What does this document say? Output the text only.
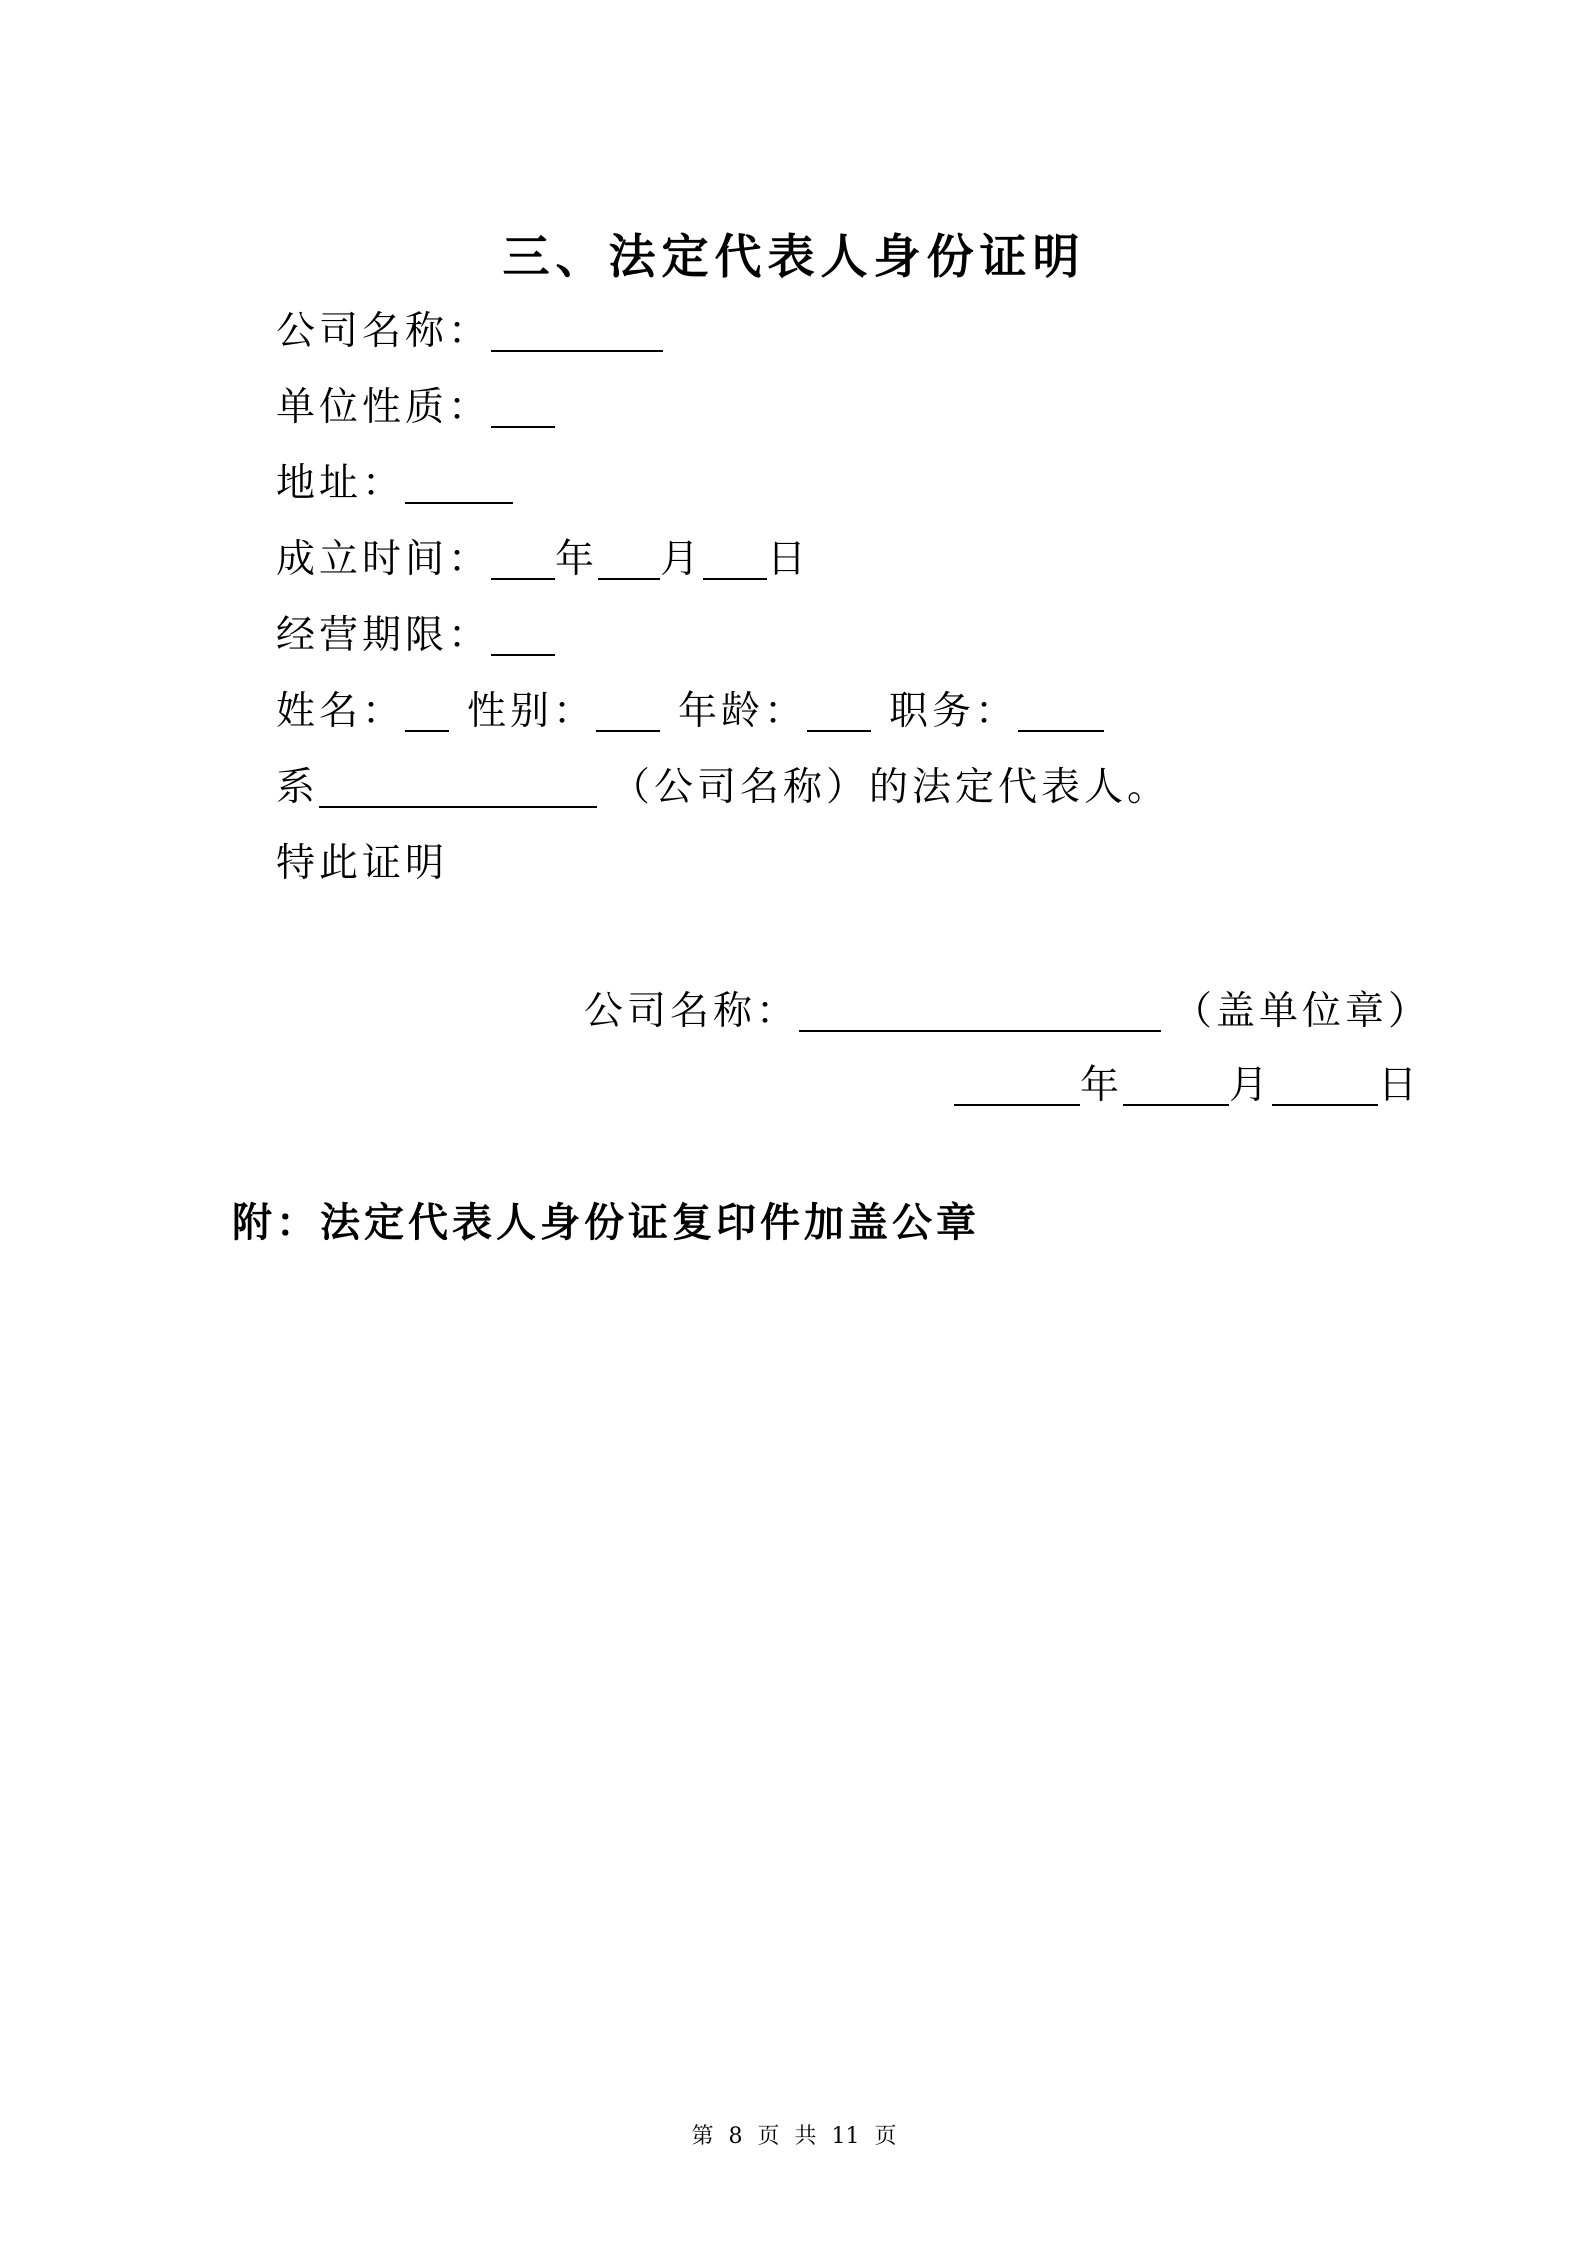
三、法定代表人身份证明
公司名称：
单位性质：
地址：
成立时间： 年 月 日
经营期限：
姓名： 性别： 年龄： 职务：
系	（公司名称）的法定代表人。
特此证明
公司名称：	（盖单位章）
年	月	日
附：法定代表人身份证复印件加盖公章
第 8 页 共 11 页
